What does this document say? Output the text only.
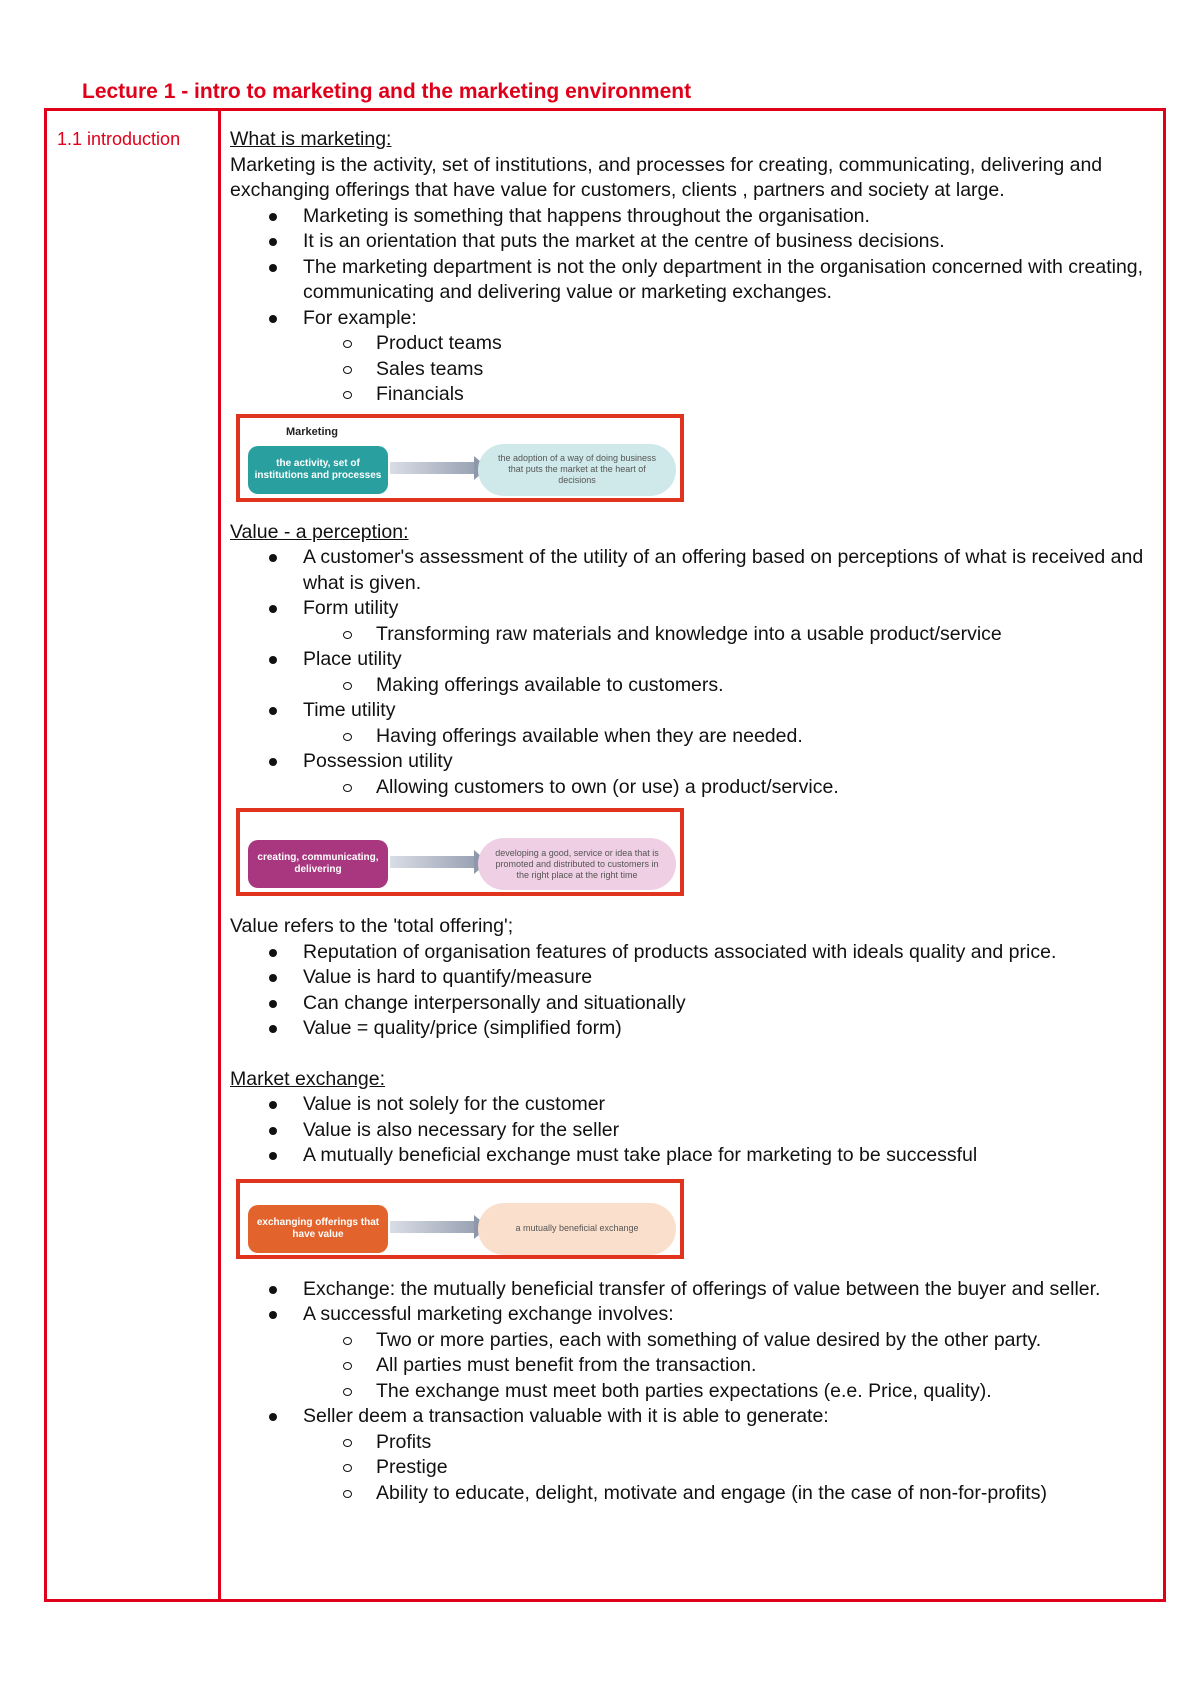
Lecture 1 - intro to marketing and the marketing environment
1.1 introduction	What is marketing:

Marketing is the activity, set of institutions, and processes for creating, communicating, delivering and exchanging offerings that have value for customers, clients , partners and society at large.

Marketing is something that happens throughout the organisation.
It is an orientation that puts the market at the centre of business decisions.
The marketing department is not the only department in the organisation concerned with creating, communicating and delivering value or marketing exchanges.
For example:
Product teams
Sales teams
Financials
Marketing
the activity, set of institutions and processes
the adoption of a way of doing business that puts the market at the heart of decisions

Value - a perception:

A customer's assessment of the utility of an offering based on perceptions of what is received and what is given.
Form utility
Transforming raw materials and knowledge into a usable product/service
Place utility
Making offerings available to customers.
Time utility
Having offerings available when they are needed.
Possession utility
Allowing customers to own (or use) a product/service.
creating, communicating, delivering
developing a good, service or idea that is promoted and distributed to customers in the right place at the right time

Value refers to the 'total offering';

Reputation of organisation features of products associated with ideals quality and price.
Value is hard to quantify/measure
Can change interpersonally and situationally
Value = quality/price (simplified form)

Market exchange:

Value is not solely for the customer
Value is also necessary for the seller
A mutually beneficial exchange must take place for marketing to be successful
exchanging offerings that have value
a mutually beneficial exchange
Exchange: the mutually beneficial transfer of offerings of value between the buyer and seller.
A successful marketing exchange involves:
Two or more parties, each with something of value desired by the other party.
All parties must benefit from the transaction.
The exchange must meet both parties expectations (e.e. Price, quality).
Seller deem a transaction valuable with it is able to generate:
Profits
Prestige
Ability to educate, delight, motivate and engage (in the case of non-for-profits)
